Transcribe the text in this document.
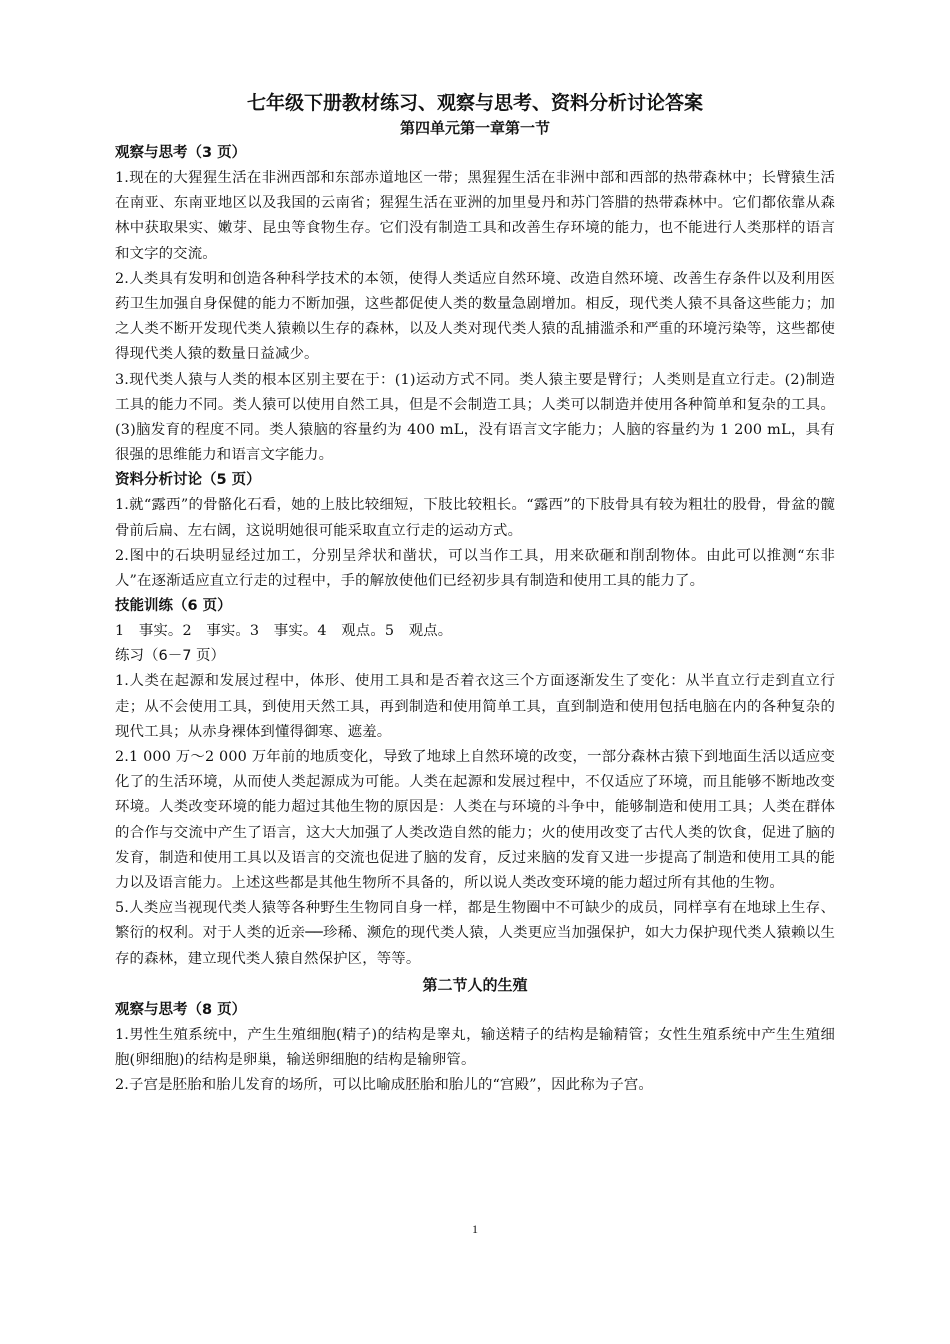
七年级下册教材练习、观察与思考、资料分析讨论答案
第四单元第一章第一节

观察与思考（3 页）

1.现在的大猩猩生活在非洲西部和东部赤道地区一带；黑猩猩生活在非洲中部和西部的热带森林中；长臂猿生活在南亚、东南亚地区以及我国的云南省；猩猩生活在亚洲的加里曼丹和苏门答腊的热带森林中。它们都依靠从森林中获取果实、嫩芽、昆虫等食物生存。它们没有制造工具和改善生存环境的能力，也不能进行人类那样的语言和文字的交流。

2.人类具有发明和创造各种科学技术的本领，使得人类适应自然环境、改造自然环境、改善生存条件以及利用医药卫生加强自身保健的能力不断加强，这些都促使人类的数量急剧增加。相反，现代类人猿不具备这些能力；加之人类不断开发现代类人猿赖以生存的森林，以及人类对现代类人猿的乱捕滥杀和严重的环境污染等，这些都使得现代类人猿的数量日益减少。

3.现代类人猿与人类的根本区别主要在于：(1)运动方式不同。类人猿主要是臂行；人类则是直立行走。(2)制造工具的能力不同。类人猿可以使用自然工具，但是不会制造工具；人类可以制造并使用各种简单和复杂的工具。(3)脑发育的程度不同。类人猿脑的容量约为 400 mL，没有语言文字能力；人脑的容量约为 1 200 mL，具有很强的思维能力和语言文字能力。

资料分析讨论（5 页）

1.就“露西”的骨骼化石看，她的上肢比较细短，下肢比较粗长。“露西”的下肢骨具有较为粗壮的股骨，骨盆的髋骨前后扁、左右阔，这说明她很可能采取直立行走的运动方式。

2.图中的石块明显经过加工，分别呈斧状和凿状，可以当作工具，用来砍砸和削刮物体。由此可以推测“东非人”在逐渐适应直立行走的过程中，手的解放使他们已经初步具有制造和使用工具的能力了。

技能训练（6 页）

1　事实。2　事实。3　事实。4　观点。5　观点。

练习（6－7 页）

1.人类在起源和发展过程中，体形、使用工具和是否着衣这三个方面逐渐发生了变化：从半直立行走到直立行走；从不会使用工具，到使用天然工具，再到制造和使用简单工具，直到制造和使用包括电脑在内的各种复杂的现代工具；从赤身裸体到懂得御寒、遮羞。

2.1 000 万～2 000 万年前的地质变化，导致了地球上自然环境的改变，一部分森林古猿下到地面生活以适应变化了的生活环境，从而使人类起源成为可能。人类在起源和发展过程中，不仅适应了环境，而且能够不断地改变环境。人类改变环境的能力超过其他生物的原因是：人类在与环境的斗争中，能够制造和使用工具；人类在群体的合作与交流中产生了语言，这大大加强了人类改造自然的能力；火的使用改变了古代人类的饮食，促进了脑的发育，制造和使用工具以及语言的交流也促进了脑的发育，反过来脑的发育又进一步提高了制造和使用工具的能力以及语言能力。上述这些都是其他生物所不具备的，所以说人类改变环境的能力超过所有其他的生物。

5.人类应当视现代类人猿等各种野生生物同自身一样，都是生物圈中不可缺少的成员，同样享有在地球上生存、繁衍的权利。对于人类的近亲──珍稀、濒危的现代类人猿，人类更应当加强保护，如大力保护现代类人猿赖以生存的森林，建立现代类人猿自然保护区，等等。

第二节人的生殖

观察与思考（8 页）

1.男性生殖系统中，产生生殖细胞(精子)的结构是睾丸，输送精子的结构是输精管；女性生殖系统中产生生殖细胞(卵细胞)的结构是卵巢，输送卵细胞的结构是输卵管。

2.子宫是胚胎和胎儿发育的场所，可以比喻成胚胎和胎儿的“宫殿”，因此称为子宫。

1
